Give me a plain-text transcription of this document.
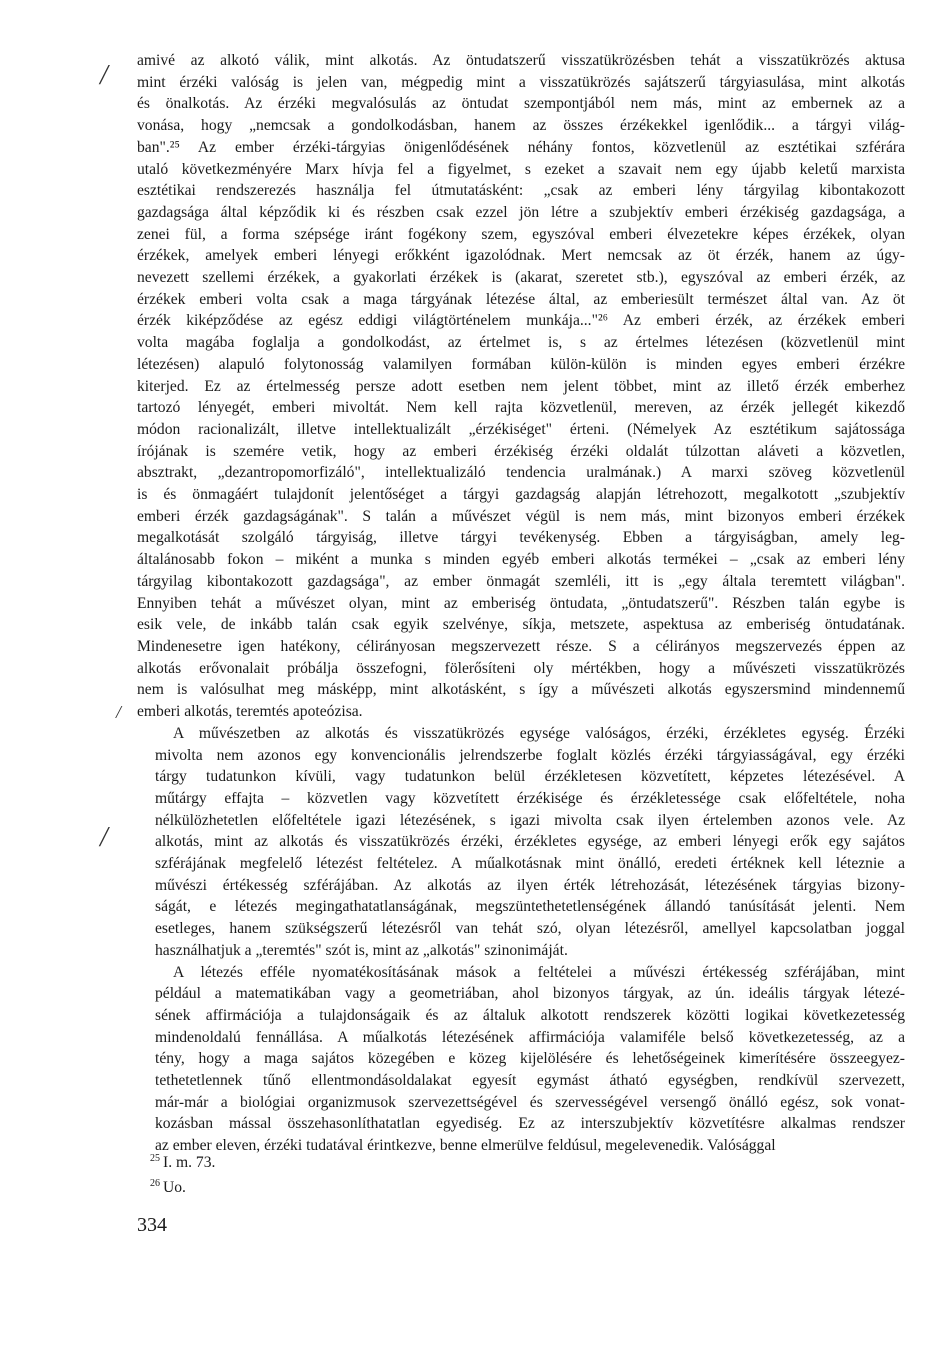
/
/
/
amivé az alkotó válik, mint alkotás. Az öntudatszerű visszatükrözésben tehát a visszatükrözés aktusa
mint érzéki valóság is jelen van, mégpedig mint a visszatükrözés sajátszerű tárgyiasulása, mint alkotás
és önalkotás. Az érzéki megvalósulás az öntudat szempontjából nem más, mint az embernek az a
vonása, hogy „nemcsak a gondolkodásban, hanem az összes érzékekkel igenlődik... a tárgyi világ-
ban".²⁵ Az ember érzéki-tárgyias önigenlődésének néhány fontos, közvetlenül az esztétikai szférára
utaló következményére Marx hívja fel a figyelmet, s ezeket a szavait nem egy újabb keletű marxista
esztétikai rendszerezés használja fel útmutatásként: „csak az emberi lény tárgyilag kibontakozott
gazdagsága által képződik ki és részben csak ezzel jön létre a szubjektív emberi érzékiség gazdagsága, a
zenei fül, a forma szépsége iránt fogékony szem, egyszóval emberi élvezetekre képes érzékek, olyan
érzékek, amelyek emberi lényegi erőkként igazolódnak. Mert nemcsak az öt érzék, hanem az úgy-
nevezett szellemi érzékek, a gyakorlati érzékek is (akarat, szeretet stb.), egyszóval az emberi érzék, az
érzékek emberi volta csak a maga tárgyának létezése által, az emberiesült természet által van. Az öt
érzék kiképződése az egész eddigi világtörténelem munkája..."²⁶ Az emberi érzék, az érzékek emberi
volta magába foglalja a gondolkodást, az értelmet is, s az értelmes létezésen (közvetlenül mint
létezésen) alapuló folytonosság valamilyen formában külön-külön is minden egyes emberi érzékre
kiterjed. Ez az értelmesség persze adott esetben nem jelent többet, mint az illető érzék emberhez
tartozó lényegét, emberi mivoltát. Nem kell rajta közvetlenül, mereven, az érzék jellegét kikezdő
módon racionalizált, illetve intellektualizált „érzékiséget" érteni. (Némelyek Az esztétikum sajátossága
írójának is szemére vetik, hogy az emberi érzékiség érzéki oldalát túlzottan aláveti a közvetlen,
absztrakt, „dezantropomorfizáló", intellektualizáló tendencia uralmának.) A marxi szöveg közvetlenül
is és önmagáért tulajdonít jelentőséget a tárgyi gazdagság alapján létrehozott, megalkotott „szubjektív
emberi érzék gazdagságának". S talán a művészet végül is nem más, mint bizonyos emberi érzékek
megalkotását szolgáló tárgyiság, illetve tárgyi tevékenység. Ebben a tárgyiságban, amely leg-
általánosabb fokon – miként a munka s minden egyéb emberi alkotás termékei – „csak az emberi lény
tárgyilag kibontakozott gazdagsága", az ember önmagát szemléli, itt is „egy általa teremtett világban".
Ennyiben tehát a művészet olyan, mint az emberiség öntudata, „öntudatszerű". Részben talán egybe is
esik vele, de inkább talán csak egyik szelvénye, síkja, metszete, aspektusa az emberiség öntudatának.
Mindenesetre igen hatékony, célirányosan megszervezett része. S a célirányos megszervezés éppen az
alkotás erővonalait próbálja összefogni, fölerősíteni oly mértékben, hogy a művészeti visszatükrözés
nem is valósulhat meg másképp, mint alkotásként, s így a művészeti alkotás egyszersmind mindennemű
emberi alkotás, teremtés apoteózisa.
A művészetben az alkotás és visszatükrözés egysége valóságos, érzéki, érzékletes egység. Érzéki
mivolta nem azonos egy konvencionális jelrendszerbe foglalt közlés érzéki tárgyiasságával, egy érzéki
tárgy tudatunkon kívüli, vagy tudatunkon belül érzékletesen közvetített, képzetes létezésével. A
műtárgy effajta – közvetlen vagy közvetített érzékisége és érzékletessége csak előfeltétele, noha
nélkülözhetetlen előfeltétele igazi létezésének, s igazi mivolta csak ilyen értelemben azonos vele. Az
alkotás, mint az alkotás és visszatükrözés érzéki, érzékletes egysége, az emberi lényegi erők egy sajátos
szférájának megfelelő létezést feltételez. A műalkotásnak mint önálló, eredeti értéknek kell léteznie a
művészi értékesség szférájában. Az alkotás az ilyen érték létrehozását, létezésének tárgyias bizony-
ságát, e létezés megingathatatlanságának, megszüntethetetlenségének állandó tanúsítását jelenti. Nem
esetleges, hanem szükségszerű létezésről van tehát szó, olyan létezésről, amellyel kapcsolatban joggal
használhatjuk a „teremtés" szót is, mint az „alkotás" szinonimáját.
A létezés efféle nyomatékosításának mások a feltételei a művészi értékesség szférájában, mint
például a matematikában vagy a geometriában, ahol bizonyos tárgyak, az ún. ideális tárgyak létezé-
sének affirmációja a tulajdonságaik és az általuk alkotott rendszerek közötti logikai következetesség
mindenoldalú fennállása. A műalkotás létezésének affirmációja valamiféle belső következetesség, az a
tény, hogy a maga sajátos közegében e közeg kijelölésére és lehetőségeinek kimerítésére összeegyez-
tethetetlennek tűnő ellentmondásoldalakat egyesít egymást átható egységben, rendkívül szervezett,
már-már a biológiai organizmusok szervezettségével és szervességével versengő önálló egész, sok vonat-
kozásban mással összehasonlíthatatlan egyediség. Ez az interszubjektív közvetítésre alkalmas rendszer
az ember eleven, érzéki tudatával érintkezve, benne elmerülve feldúsul, megelevenedik. Valósággal
$^{25}$ I. m. 73.
$^{26}$ Uo.
334
